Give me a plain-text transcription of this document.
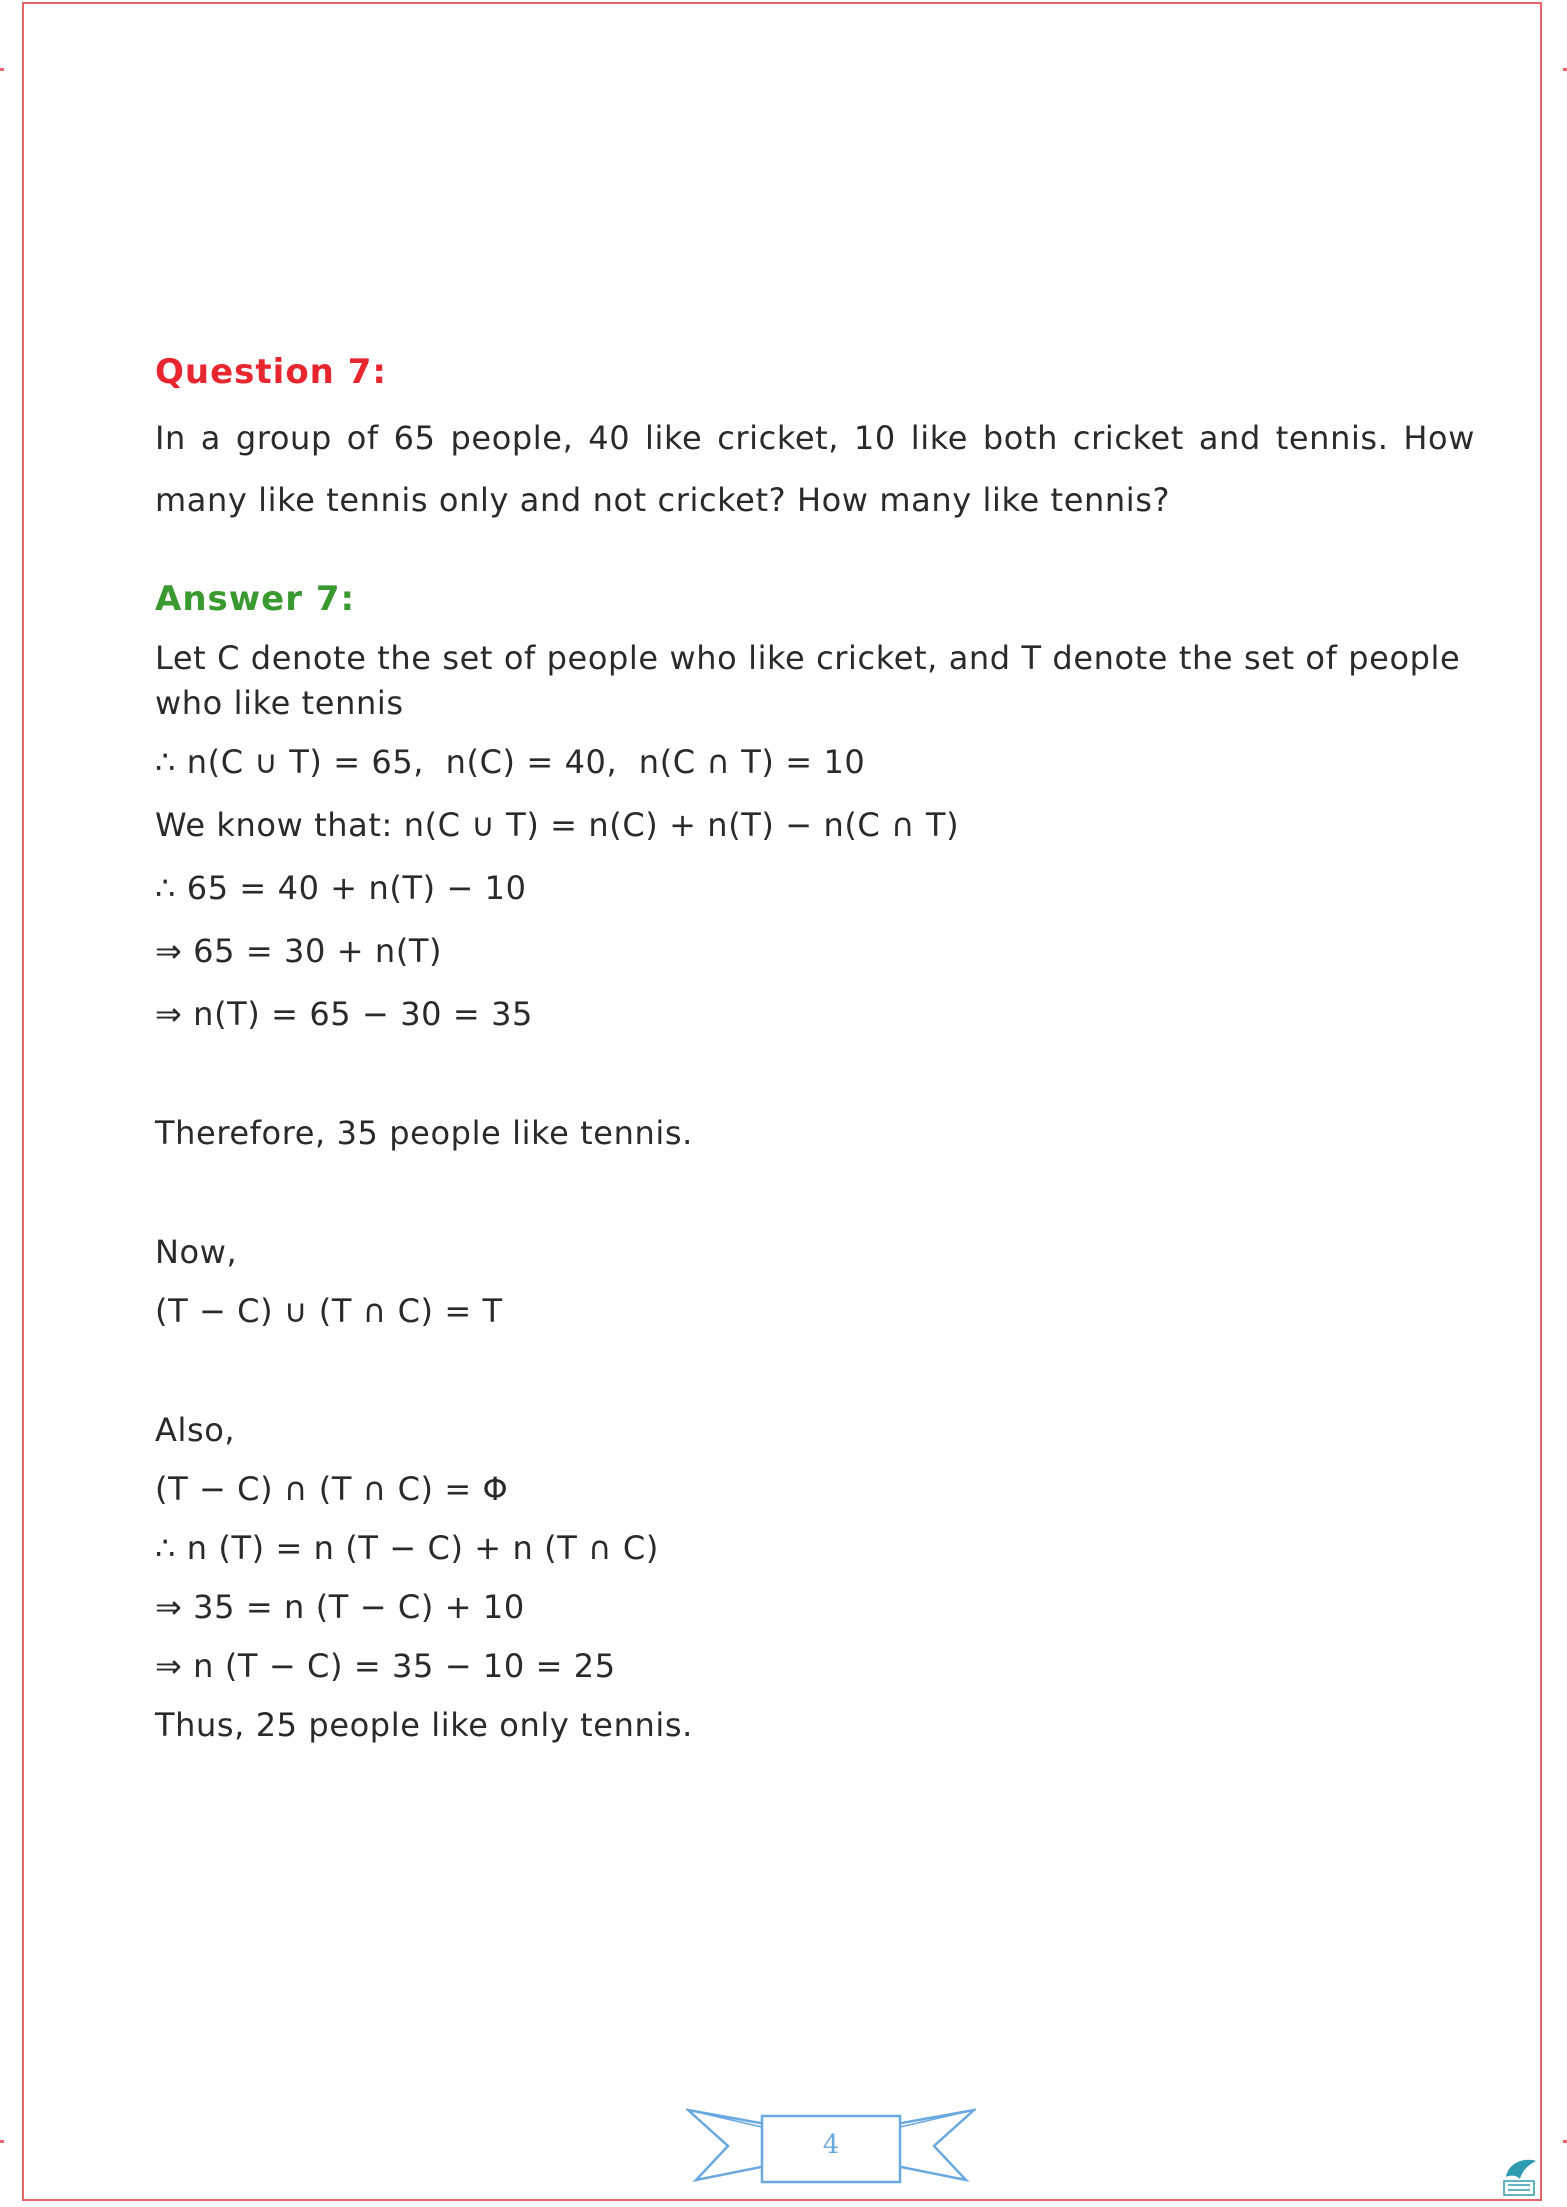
Question 7:
In a group of 65 people, 40 like cricket, 10 like both cricket and tennis. How many like tennis only and not cricket? How many like tennis?
Answer 7:
Let C denote the set of people who like cricket, and T denote the set of people who like tennis
∴ n(C ∪ T) = 65,  n(C) = 40,  n(C ∩ T) = 10
We know that: n(C ∪ T) = n(C) + n(T) − n(C ∩ T)
∴ 65 = 40 + n(T) − 10
⇒ 65 = 30 + n(T)
⇒ n(T) = 65 − 30 = 35
Therefore, 35 people like tennis.
Now,
(T − C) ∪ (T ∩ C) = T
Also,
(T − C) ∩ (T ∩ C) = Φ
∴ n (T) = n (T − C) + n (T ∩ C)
⇒ 35 = n (T − C) + 10
⇒ n (T − C) = 35 − 10 = 25
Thus, 25 people like only tennis.
4
